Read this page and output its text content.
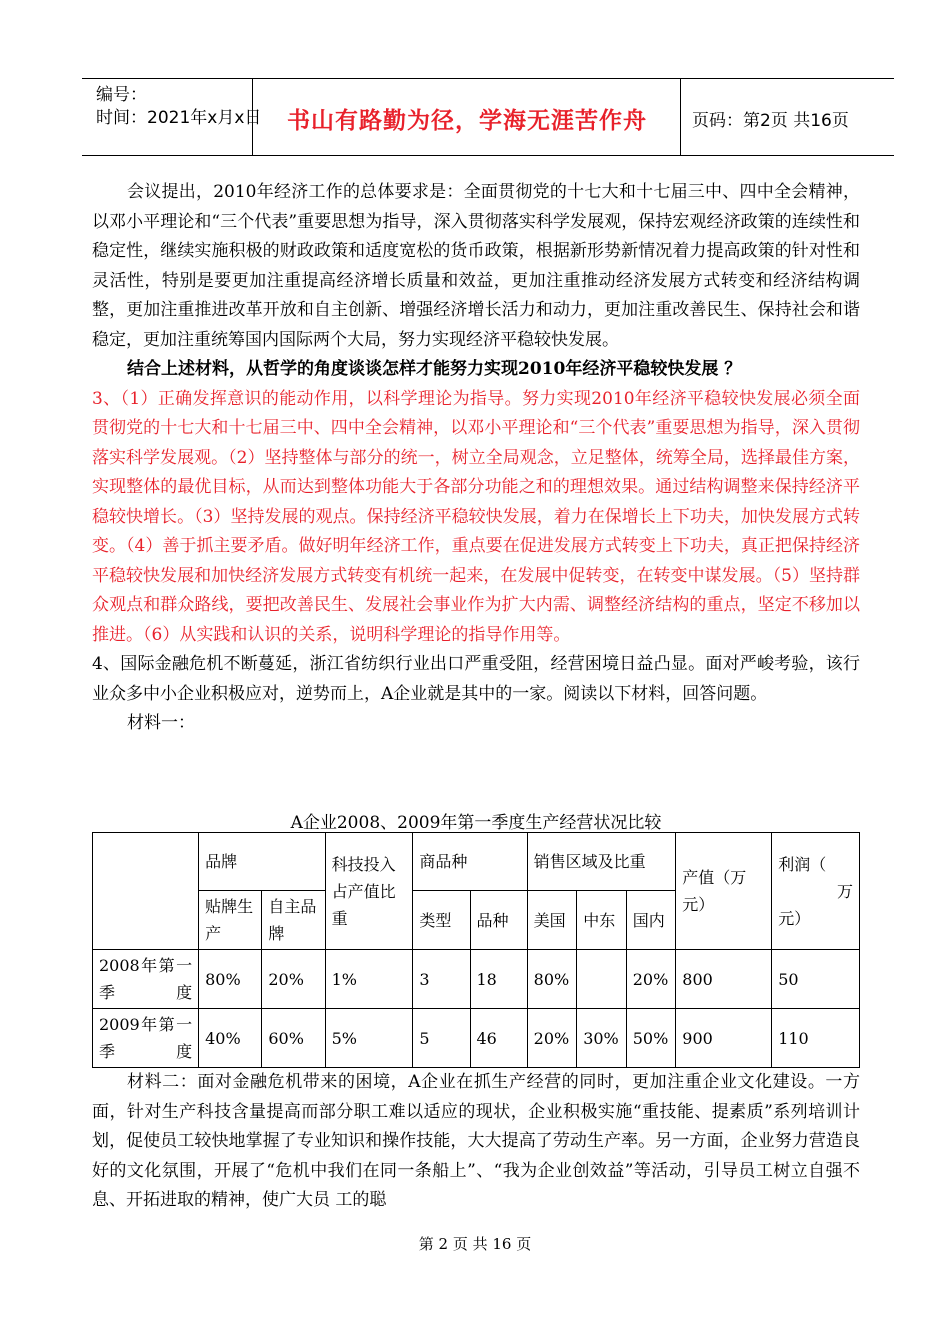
编号：
时间：2021年x月x日	书山有路勤为径，学海无涯苦作舟	页码：第2页 共16页

会议提出，2010年经济工作的总体要求是：全面贯彻党的十七大和十七届三中、四中全会精神，以邓小平理论和“三个代表”重要思想为指导，深入贯彻落实科学发展观，保持宏观经济政策的连续性和稳定性，继续实施积极的财政政策和适度宽松的货币政策，根据新形势新情况着力提高政策的针对性和灵活性，特别是要更加注重提高经济增长质量和效益，更加注重推动经济发展方式转变和经济结构调整，更加注重推进改革开放和自主创新、增强经济增长活力和动力，更加注重改善民生、保持社会和谐稳定，更加注重统筹国内国际两个大局，努力实现经济平稳较快发展。

结合上述材料，从哲学的角度谈谈怎样才能努力实现2010年经济平稳较快发展 ？

3、（1）正确发挥意识的能动作用，以科学理论为指导。努力实现2010年经济平稳较快发展必须全面贯彻党的十七大和十七届三中、四中全会精神，以邓小平理论和“三个代表”重要思想为指导，深入贯彻落实科学发展观。（2）坚持整体与部分的统一，树立全局观念，立足整体，统筹全局，选择最佳方案，实现整体的最优目标，从而达到整体功能大于各部分功能之和的理想效果。通过结构调整来保持经济平稳较快增长。（3）坚持发展的观点。保持经济平稳较快发展，着力在保增长上下功夫，加快发展方式转变。（4）善于抓主要矛盾。做好明年经济工作，重点要在促进发展方式转变上下功夫，真正把保持经济平稳较快发展和加快经济发展方式转变有机统一起来，在发展中促转变，在转变中谋发展。（5）坚持群众观点和群众路线，要把改善民生、发展社会事业作为扩大内需、调整经济结构的重点，坚定不移加以推进。（6）从实践和认识的关系，说明科学理论的指导作用等。

4、国际金融危机不断蔓延，浙江省纺织行业出口严重受阻，经营困境日益凸显。面对严峻考验，该行业众多中小企业积极应对，逆势而上，A企业就是其中的一家。阅读以下材料，回答问题。

材料一：

A企业2008、2009年第一季度生产经营状况比较
	品牌		科技投入占产值比重	商品种		销售区域及比重			产值（万元）	利润（
万
元）

	贴牌生产	自主品牌		类型	品种	美国	中东	国内		
2008年第一季度	80%	20%	1%	3	18	80%		20%	800	50
2009年第一季度	40%	60%	5%	5	46	20%	30%	50%	900	110

材料二：面对金融危机带来的困境，A企业在抓生产经营的同时，更加注重企业文化建设。一方面，针对生产科技含量提高而部分职工难以适应的现状，企业积极实施“重技能、提素质”系列培训计划，促使员工较快地掌握了专业知识和操作技能，大大提高了劳动生产率。另一方面，企业努力营造良好的文化氛围，开展了“危机中我们在同一条船上”、“我为企业创效益”等活动，引导员工树立自强不息、开拓进取的精神，使广大员 工的聪

第 2 页 共 16 页
